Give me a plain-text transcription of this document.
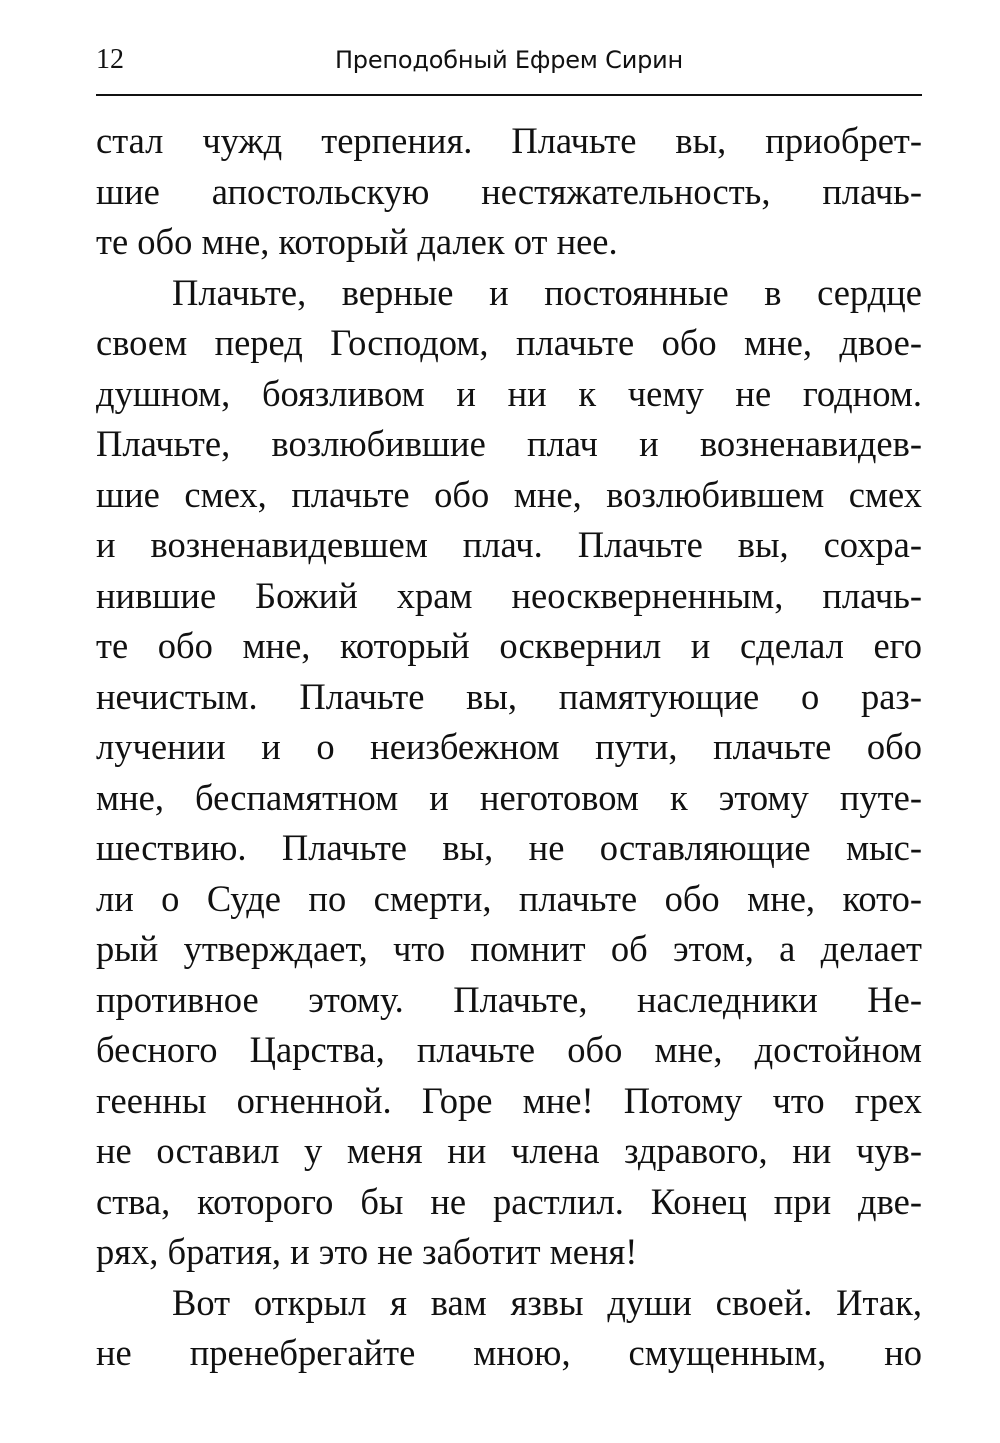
12	Преподобный Ефрем Сирин
стал чужд терпения. Плачьте вы, приобрет-
шие апостольскую нестяжательность, плачь-
те обо мне, который далек от нее.
Плачьте, верные и постоянные в сердце
своем перед Господом, плачьте обо мне, двое-
душном, боязливом и ни к чему не годном.
Плачьте, возлюбившие плач и возненавидев-
шие смех, плачьте обо мне, возлюбившем смех
и возненавидевшем плач. Плачьте вы, сохра-
нившие Божий храм неоскверненным, плачь-
те обо мне, который осквернил и сделал его
нечистым. Плачьте вы, памятующие о раз-
лучении и о неизбежном пути, плачьте обо
мне, беспамятном и неготовом к этому путе-
шествию. Плачьте вы, не оставляющие мыс-
ли о Суде по смерти, плачьте обо мне, кото-
рый утверждает, что помнит об этом, а делает
противное этому. Плачьте, наследники Не-
бесного Царства, плачьте обо мне, достойном
геенны огненной. Горе мне! Потому что грех
не оставил у меня ни члена здравого, ни чув-
ства, которого бы не растлил. Конец при две-
рях, братия, и это не заботит меня!
Вот открыл я вам язвы души своей. Итак,
не пренебрегайте мною, смущенным, но
